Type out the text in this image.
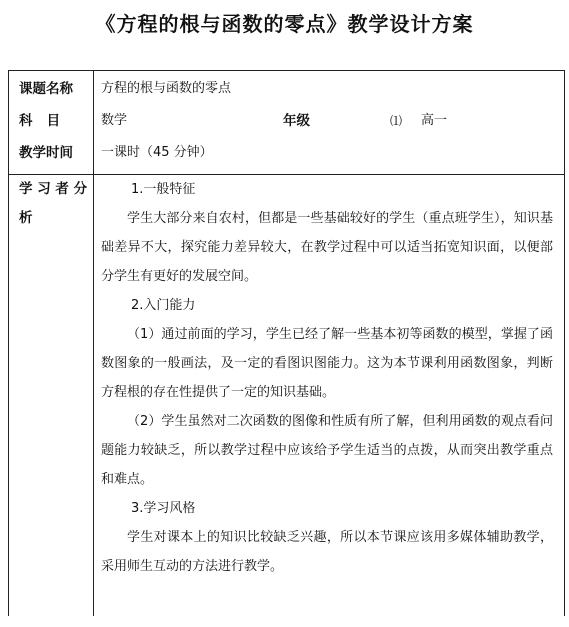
《方程的根与函数的零点》教学设计方案
课题名称	方程的根与函数的零点
科   目	数学	年级	⑴ 高一
教学时间	一课时（45 分钟）
学 习 者 分
析

1.一般特征

学生大部分来自农村，但都是一些基础较好的学生（重点班学生），知识基础差异不大，探究能力差异较大，在教学过程中可以适当拓宽知识面，以便部分学生有更好的发展空间。

2.入门能力

（1）通过前面的学习，学生已经了解一些基本初等函数的模型，掌握了函数图象的一般画法，及一定的看图识图能力。这为本节课利用函数图象，判断方程根的存在性提供了一定的知识基础。

（2）学生虽然对二次函数的图像和性质有所了解，但利用函数的观点看问题能力较缺乏，所以教学过程中应该给予学生适当的点拨，从而突出教学重点和难点。

3.学习风格

学生对课本上的知识比较缺乏兴趣，所以本节课应该用多媒体辅助教学，采用师生互动的方法进行教学。
